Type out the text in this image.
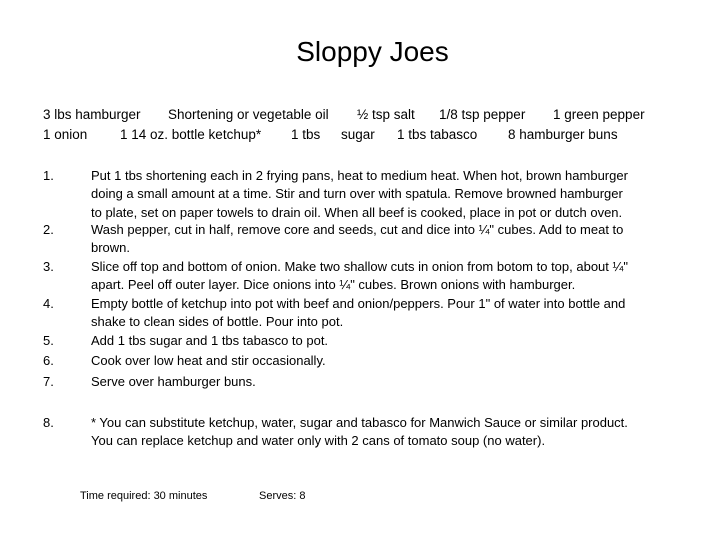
Sloppy Joes
3 lbs hamburger Shortening or vegetable oil ½ tsp salt 1/8 tsp pepper 1 green pepper
1 onion 1 14 oz. bottle ketchup* 1 tbs sugar 1 tbs tabasco 8 hamburger buns
1.	Put 1 tbs shortening each in 2 frying pans, heat to medium heat. When hot, brown hamburger
doing a small amount at a time. Stir and turn over with spatula. Remove browned hamburger
to plate, set on paper towels to drain oil. When all beef is cooked, place in pot or dutch oven.
2.	Wash pepper, cut in half, remove core and seeds, cut and dice into ¼" cubes. Add to meat to
brown.
3.	Slice off top and bottom of onion. Make two shallow cuts in onion from botom to top, about ¼"
apart. Peel off outer layer. Dice onions into ¼" cubes. Brown onions with hamburger.
4.	Empty bottle of ketchup into pot with beef and onion/peppers. Pour 1" of water into bottle and
shake to clean sides of bottle. Pour into pot.
5.	Add 1 tbs sugar and 1 tbs tabasco to pot.
6.	Cook over low heat and stir occasionally.
7.	Serve over hamburger buns.
8.	* You can substitute ketchup, water, sugar and tabasco for Manwich Sauce or similar product.
You can replace ketchup and water only with 2 cans of tomato soup (no water).
Time required: 30 minutes	Serves: 8
